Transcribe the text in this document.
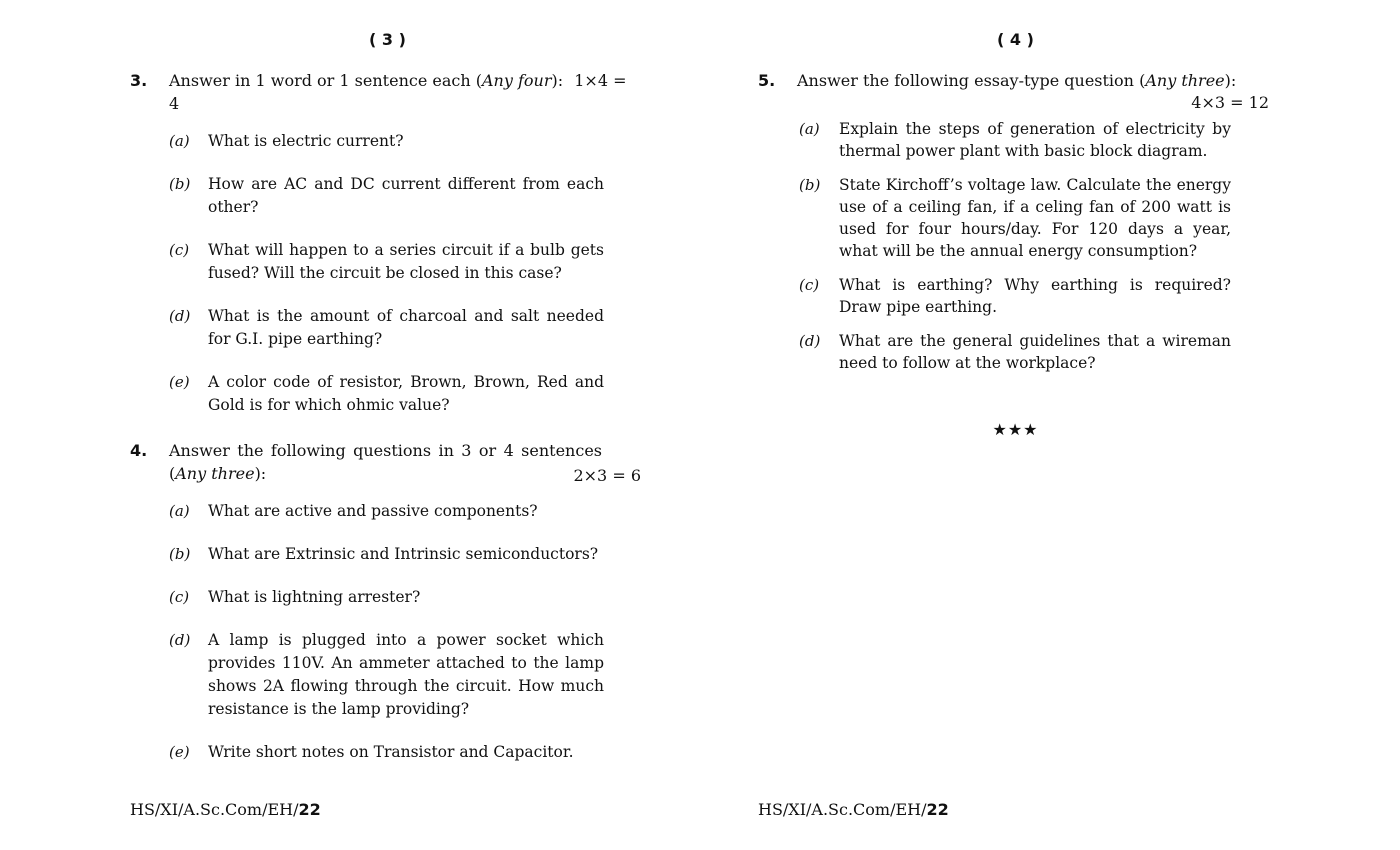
( 3 )
3. Answer in 1 word or 1 sentence each (Any four): 1×4 = 4
(a) What is electric current?
(b) How are AC and DC current different from each other?
(c) What will happen to a series circuit if a bulb gets fused? Will the circuit be closed in this case?
(d) What is the amount of charcoal and salt needed for G.I. pipe earthing?
(e) A color code of resistor, Brown, Brown, Red and Gold is for which ohmic value?
4. Answer the following questions in 3 or 4 sentences
(Any three):	2×3 = 6
(a) What are active and passive components?
(b) What are Extrinsic and Intrinsic semiconductors?
(c) What is lightning arrester?
(d) A lamp is plugged into a power socket which provides 110V. An ammeter attached to the lamp shows 2A flowing through the circuit. How much resistance is the lamp providing?
(e) Write short notes on Transistor and Capacitor.
HS/XI/A.Sc.Com/EH/22
( 4 )
5. Answer the following essay-type question (Any three):
4×3 = 12
(a) Explain the steps of generation of electricity by thermal power plant with basic block diagram.
(b) State Kirchoff’s voltage law. Calculate the energy use of a ceiling fan, if a celing fan of 200 watt is used for four hours/day. For 120 days a year, what will be the annual energy consumption?
(c) What is earthing? Why earthing is required? Draw pipe earthing.
(d) What are the general guidelines that a wireman need to follow at the workplace?
★★★
HS/XI/A.Sc.Com/EH/22
